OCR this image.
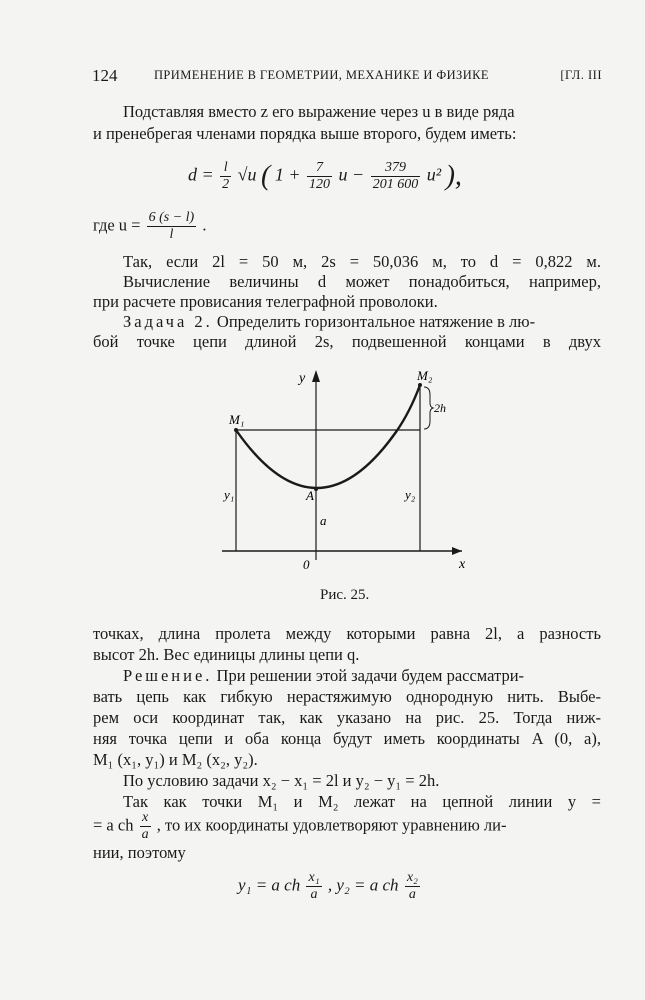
124	ПРИМЕНЕНИЕ В ГЕОМЕТРИИ, МЕХАНИКЕ И ФИЗИКЕ	[ГЛ. III
Подставляя вместо z его выражение через u в виде ряда
и пренебрегая членами порядка выше второго, будем иметь:
$d = \frac{l}{2} √u$ ( $1 + \frac{7}{120}$ $u - \frac{379}{201 600} u^2$ ),
где $u = \frac{6 (s - l)}{l}$ .
Так, если 2l = 50 м, 2s = 50,036 м, то d = 0,822 м.
Вычисление величины d может понадобиться, например,
при расчете провисания телеграфной проволоки.
Задача 2. Определить горизонтальное натяжение в лю-
бой точке цепи длиной 2s, подвешенной концами в двух
y
x
0
M₁
M₂
2h
A
a
y₁	y₂
Рис. 25.
точках, длина пролета между которыми равна 2l, а разность
высот 2h. Вес единицы длины цепи q.
Решение. При решении этой задачи будем рассматри-
вать цепь как гибкую нерастяжимую однородную нить. Выбе-
рем оси координат так, как указано на рис. 25. Тогда ниж-
няя точка цепи и оба конца будут иметь координаты A (0, a),
M₁ (x₁, y₁) и M₂ (x₂, y₂).
По условию задачи x₂ − x₁ = 2l и y₂ − y₁ = 2h.
Так как точки M₁ и M₂ лежат на цепной линии y =
= a ch $\frac{x}{a}$ , то их координаты удовлетворяют уравнению ли-
нии, поэтому
y₁ = a ch $\frac{\text{x₁}}{a}$ , y₂ = a ch $\frac{\text{x₂}}{a}$
